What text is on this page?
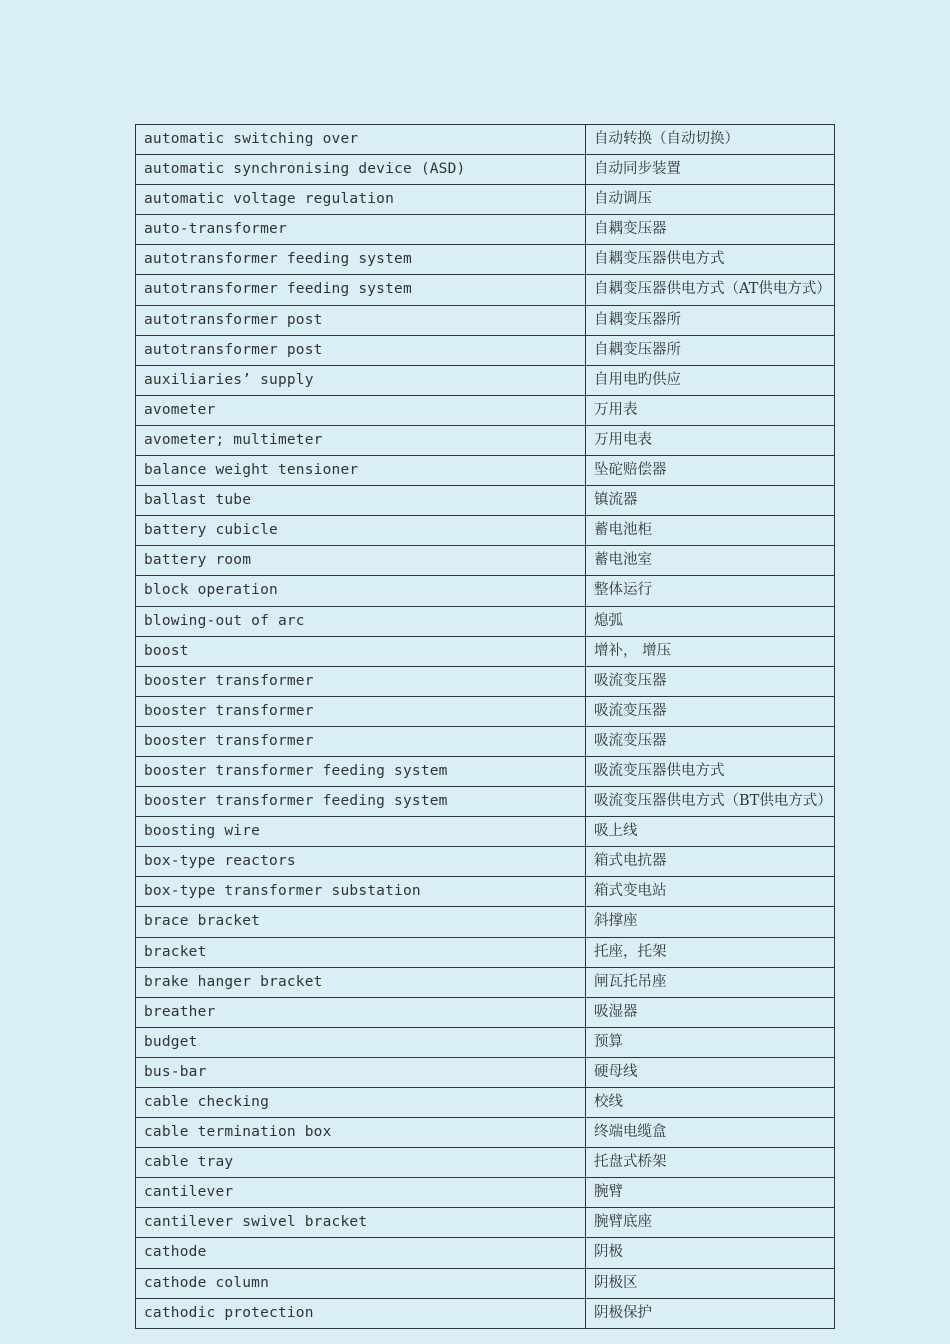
automatic switching over	自动转换（自动切换）
automatic synchronising device (ASD)	自动同步装置
automatic voltage regulation	自动调压
auto-transformer	自耦变压器
autotransformer feeding system	自耦变压器供电方式
autotransformer feeding system	自耦变压器供电方式（AT供电方式）
autotransformer post	自耦变压器所
autotransformer post	自耦变压器所
auxiliaries’ supply	自用电旳供应
avometer	万用表
avometer; multimeter	万用电表
balance weight tensioner	坠砣赔偿器
ballast tube	镇流器
battery cubicle	蓄电池柜
battery room	蓄电池室
block operation	整体运行
blowing-out of arc	熄弧
boost	增补， 增压
booster transformer	吸流变压器
booster transformer	吸流变压器
booster transformer	吸流变压器
booster transformer feeding system	吸流变压器供电方式
booster transformer feeding system	吸流变压器供电方式（BT供电方式）
boosting wire	吸上线
box-type reactors	箱式电抗器
box-type transformer substation	箱式变电站
brace bracket	斜撑座
bracket	托座，托架
brake hanger bracket	闸瓦托吊座
breather	吸湿器
budget	预算
bus-bar	硬母线
cable checking	校线
cable termination box	终端电缆盒
cable tray	托盘式桥架
cantilever	腕臂
cantilever swivel bracket	腕臂底座
cathode	阴极
cathode column	阴极区
cathodic protection	阴极保护
